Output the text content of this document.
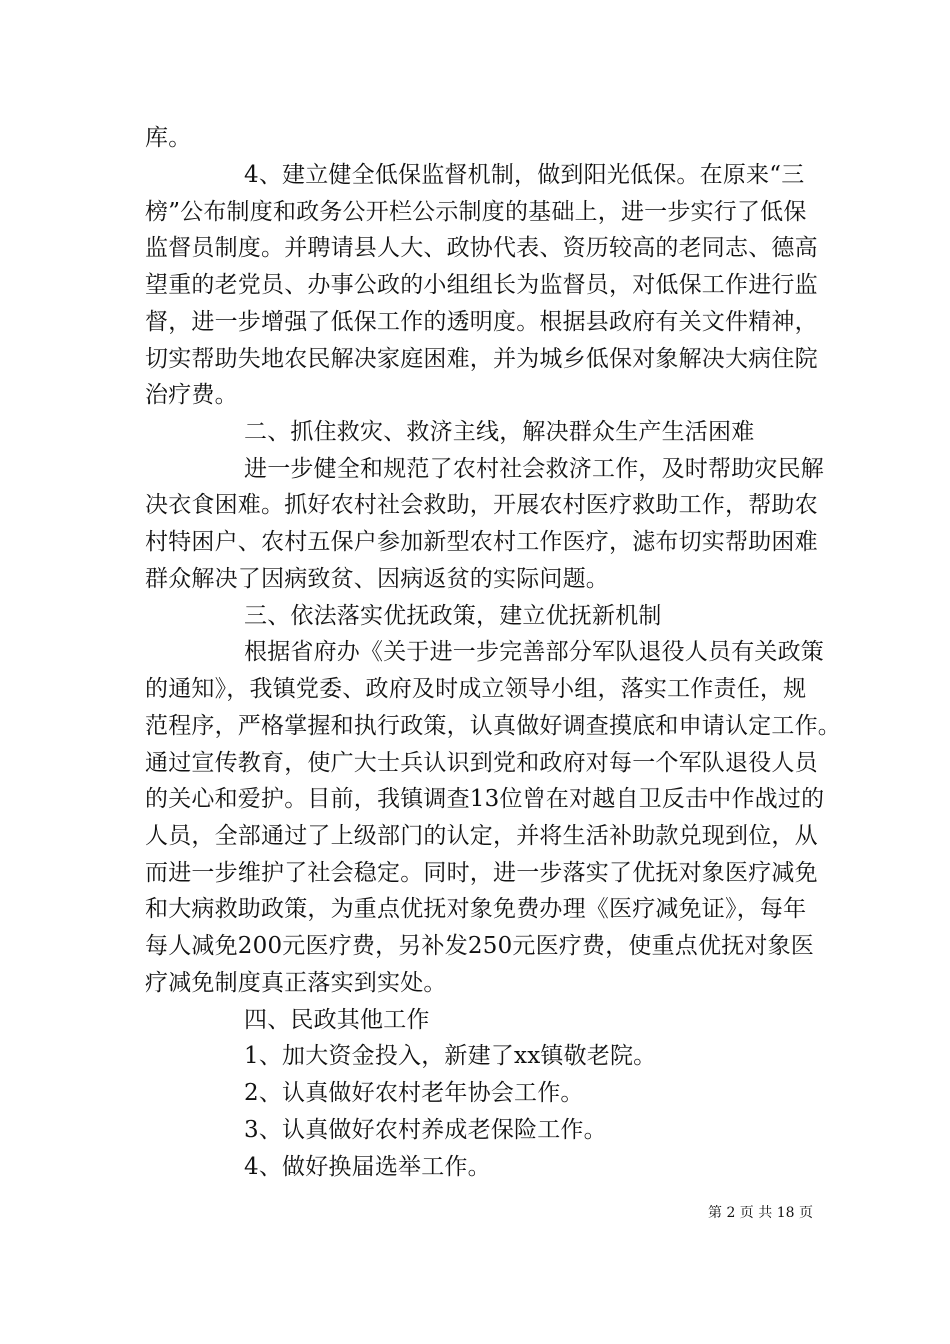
库。
4、建立健全低保监督机制，做到阳光低保。在原来“三
榜”公布制度和政务公开栏公示制度的基础上，进一步实行了低保
监督员制度。并聘请县人大、政协代表、资历较高的老同志、德高
望重的老党员、办事公政的小组组长为监督员，对低保工作进行监
督，进一步增强了低保工作的透明度。根据县政府有关文件精神，
切实帮助失地农民解决家庭困难，并为城乡低保对象解决大病住院
治疗费。
二、抓住救灾、救济主线，解决群众生产生活困难
进一步健全和规范了农村社会救济工作，及时帮助灾民解
决衣食困难。抓好农村社会救助，开展农村医疗救助工作，帮助农
村特困户、农村五保户参加新型农村工作医疗，滤布切实帮助困难
群众解决了因病致贫、因病返贫的实际问题。
三、依法落实优抚政策，建立优抚新机制
根据省府办《关于进一步完善部分军队退役人员有关政策
的通知》，我镇党委、政府及时成立领导小组，落实工作责任，规
范程序，严格掌握和执行政策，认真做好调查摸底和申请认定工作。
通过宣传教育，使广大士兵认识到党和政府对每一个军队退役人员
的关心和爱护。目前，我镇调查13位曾在对越自卫反击中作战过的
人员，全部通过了上级部门的认定，并将生活补助款兑现到位，从
而进一步维护了社会稳定。同时，进一步落实了优抚对象医疗减免
和大病救助政策，为重点优抚对象免费办理《医疗减免证》，每年
每人减免200元医疗费，另补发250元医疗费，使重点优抚对象医
疗减免制度真正落实到实处。
四、民政其他工作
1、加大资金投入，新建了xx镇敬老院。
2、认真做好农村老年协会工作。
3、认真做好农村养成老保险工作。
4、做好换届选举工作。
第 2 页 共 18 页
